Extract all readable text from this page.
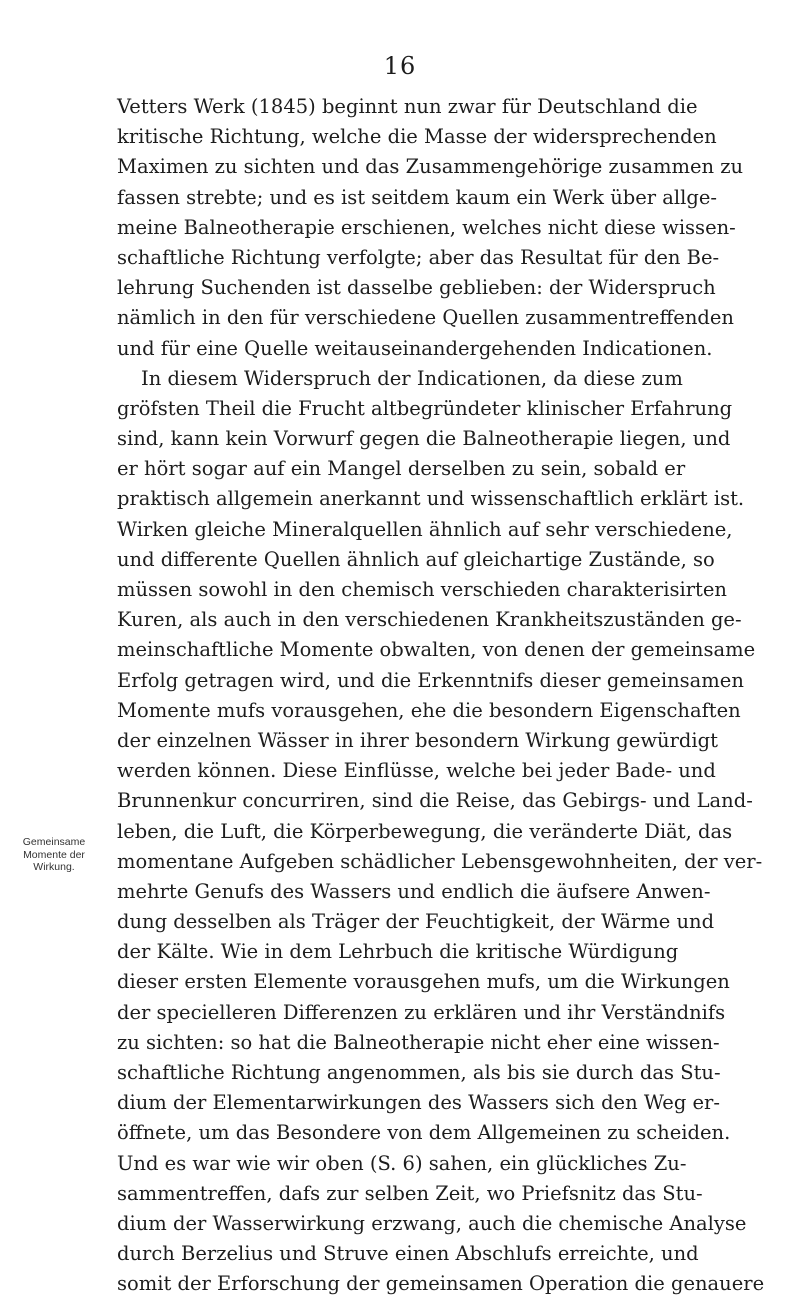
16
Gemeinsame
Momente der
Wirkung.
Vetters Werk (1845) beginnt nun zwar für Deutschland die
kritische Richtung, welche die Masse der widersprechenden
Maximen zu sichten und das Zusammengehörige zusammen zu
fassen strebte; und es ist seitdem kaum ein Werk über allge-
meine Balneotherapie erschienen, welches nicht diese wissen-
schaftliche Richtung verfolgte; aber das Resultat für den Be-
lehrung Suchenden ist dasselbe geblieben: der Widerspruch
nämlich in den für verschiedene Quellen zusammentreffenden
und für eine Quelle weitauseinandergehenden Indicationen.
In diesem Widerspruch der Indicationen, da diese zum
gröfsten Theil die Frucht altbegründeter klinischer Erfahrung
sind, kann kein Vorwurf gegen die Balneotherapie liegen, und
er hört sogar auf ein Mangel derselben zu sein, sobald er
praktisch allgemein anerkannt und wissenschaftlich erklärt ist.
Wirken gleiche Mineralquellen ähnlich auf sehr verschiedene,
und differente Quellen ähnlich auf gleichartige Zustände, so
müssen sowohl in den chemisch verschieden charakterisirten
Kuren, als auch in den verschiedenen Krankheitszuständen ge-
meinschaftliche Momente obwalten, von denen der gemeinsame
Erfolg getragen wird, und die Erkenntnifs dieser gemeinsamen
Momente mufs vorausgehen, ehe die besondern Eigenschaften
der einzelnen Wässer in ihrer besondern Wirkung gewürdigt
werden können. Diese Einflüsse, welche bei jeder Bade- und
Brunnenkur concurriren, sind die Reise, das Gebirgs- und Land-
leben, die Luft, die Körperbewegung, die veränderte Diät, das
momentane Aufgeben schädlicher Lebensgewohnheiten, der ver-
mehrte Genufs des Wassers und endlich die äufsere Anwen-
dung desselben als Träger der Feuchtigkeit, der Wärme und
der Kälte. Wie in dem Lehrbuch die kritische Würdigung
dieser ersten Elemente vorausgehen mufs, um die Wirkungen
der specielleren Differenzen zu erklären und ihr Verständnifs
zu sichten: so hat die Balneotherapie nicht eher eine wissen-
schaftliche Richtung angenommen, als bis sie durch das Stu-
dium der Elementarwirkungen des Wassers sich den Weg er-
öffnete, um das Besondere von dem Allgemeinen zu scheiden.
Und es war wie wir oben (S. 6) sahen, ein glückliches Zu-
sammentreffen, dafs zur selben Zeit, wo Priefsnitz das Stu-
dium der Wasserwirkung erzwang, auch die chemische Analyse
durch Berzelius und Struve einen Abschlufs erreichte, und
somit der Erforschung der gemeinsamen Operation die genauere
